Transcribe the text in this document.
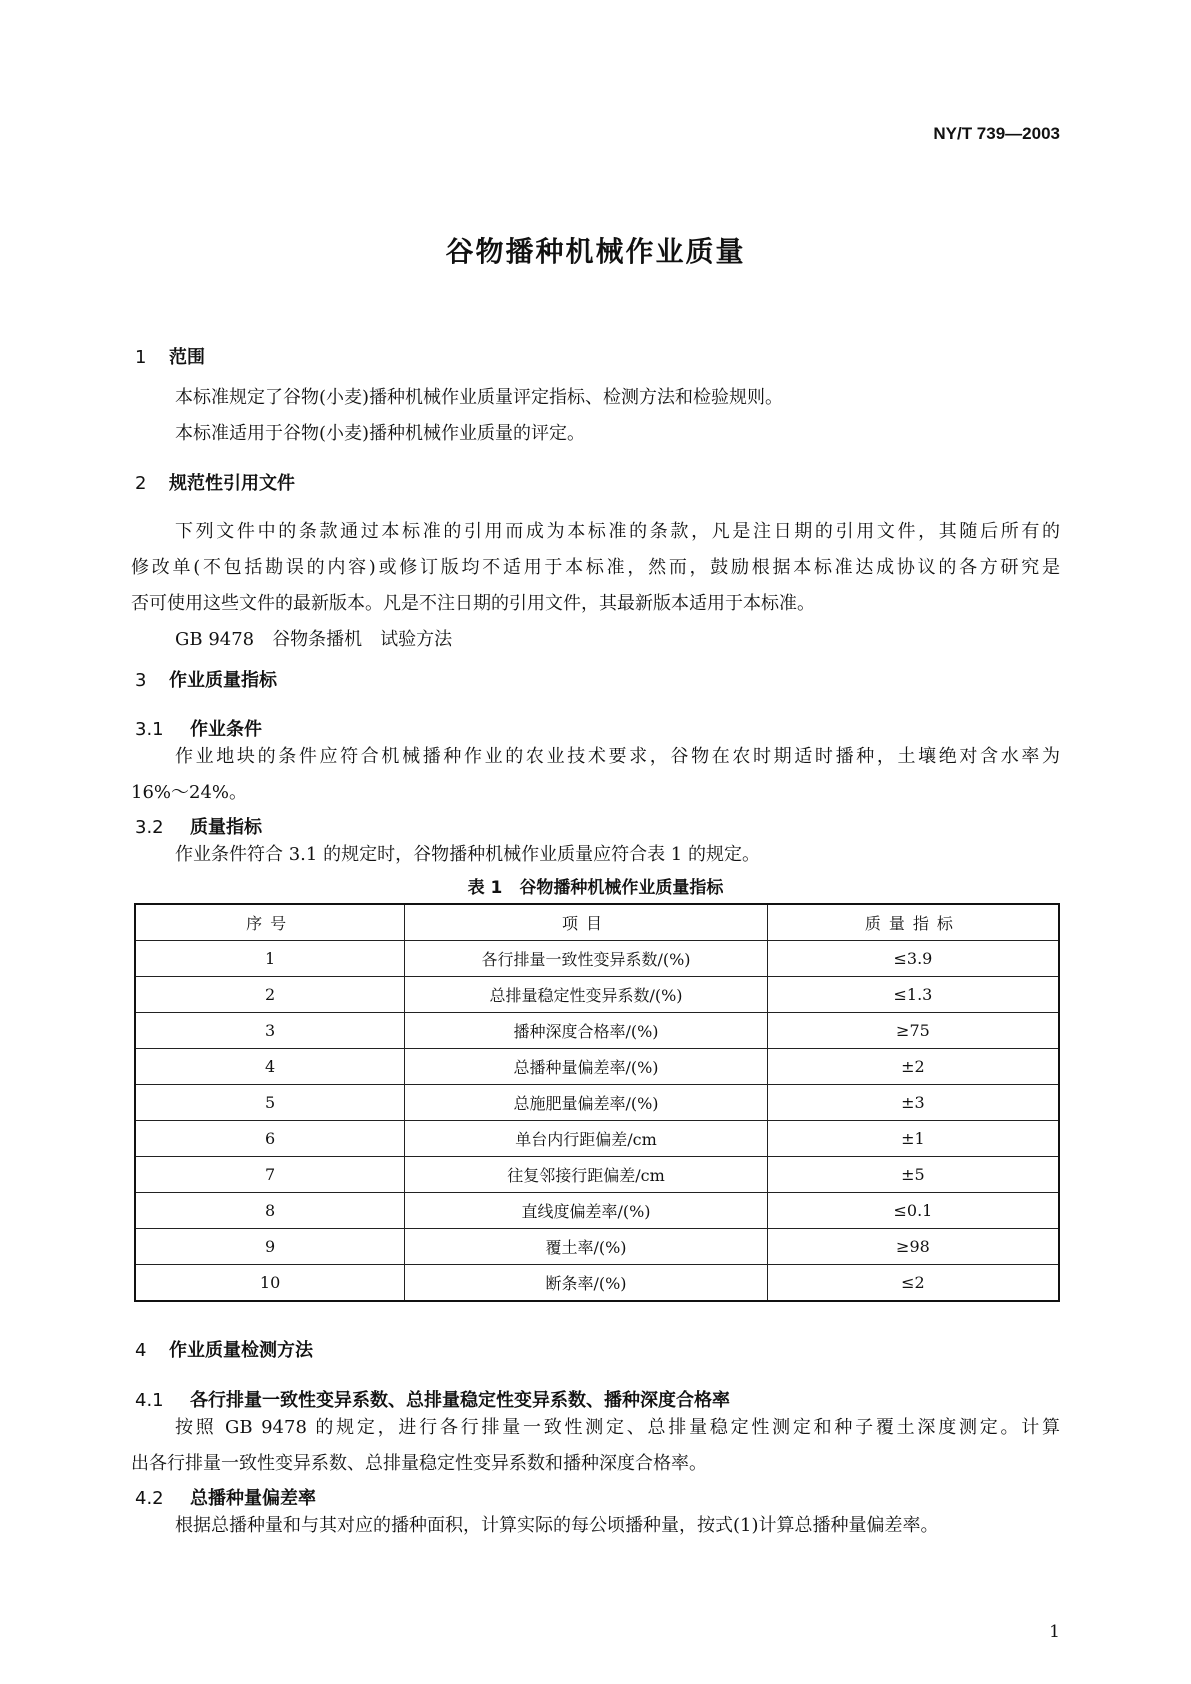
NY/T 739—2003
谷物播种机械作业质量
1 范围
本标准规定了谷物(小麦)播种机械作业质量评定指标、检测方法和检验规则。
本标准适用于谷物(小麦)播种机械作业质量的评定。
2 规范性引用文件
下列文件中的条款通过本标准的引用而成为本标准的条款，凡是注日期的引用文件，其随后所有的
修改单(不包括勘误的内容)或修订版均不适用于本标准，然而，鼓励根据本标准达成协议的各方研究是
否可使用这些文件的最新版本。凡是不注日期的引用文件，其最新版本适用于本标准。
GB 9478　谷物条播机　试验方法
3 作业质量指标
3.1 作业条件
作业地块的条件应符合机械播种作业的农业技术要求，谷物在农时期适时播种，土壤绝对含水率为
16%～24%。
3.2 质量指标
作业条件符合 3.1 的规定时，谷物播种机械作业质量应符合表 1 的规定。
表 1　谷物播种机械作业质量指标
序号	项目	质量指标
1	各行排量一致性变异系数/(%)	≤3.9
2	总排量稳定性变异系数/(%)	≤1.3
3	播种深度合格率/(%)	≥75
4	总播种量偏差率/(%)	±2
5	总施肥量偏差率/(%)	±3
6	单台内行距偏差/cm	±1
7	往复邻接行距偏差/cm	±5
8	直线度偏差率/(%)	≤0.1
9	覆土率/(%)	≥98
10	断条率/(%)	≤2
4 作业质量检测方法
4.1 各行排量一致性变异系数、总排量稳定性变异系数、播种深度合格率
按照 GB 9478 的规定，进行各行排量一致性测定、总排量稳定性测定和种子覆土深度测定。计算
出各行排量一致性变异系数、总排量稳定性变异系数和播种深度合格率。
4.2 总播种量偏差率
根据总播种量和与其对应的播种面积，计算实际的每公顷播种量，按式(1)计算总播种量偏差率。
1
